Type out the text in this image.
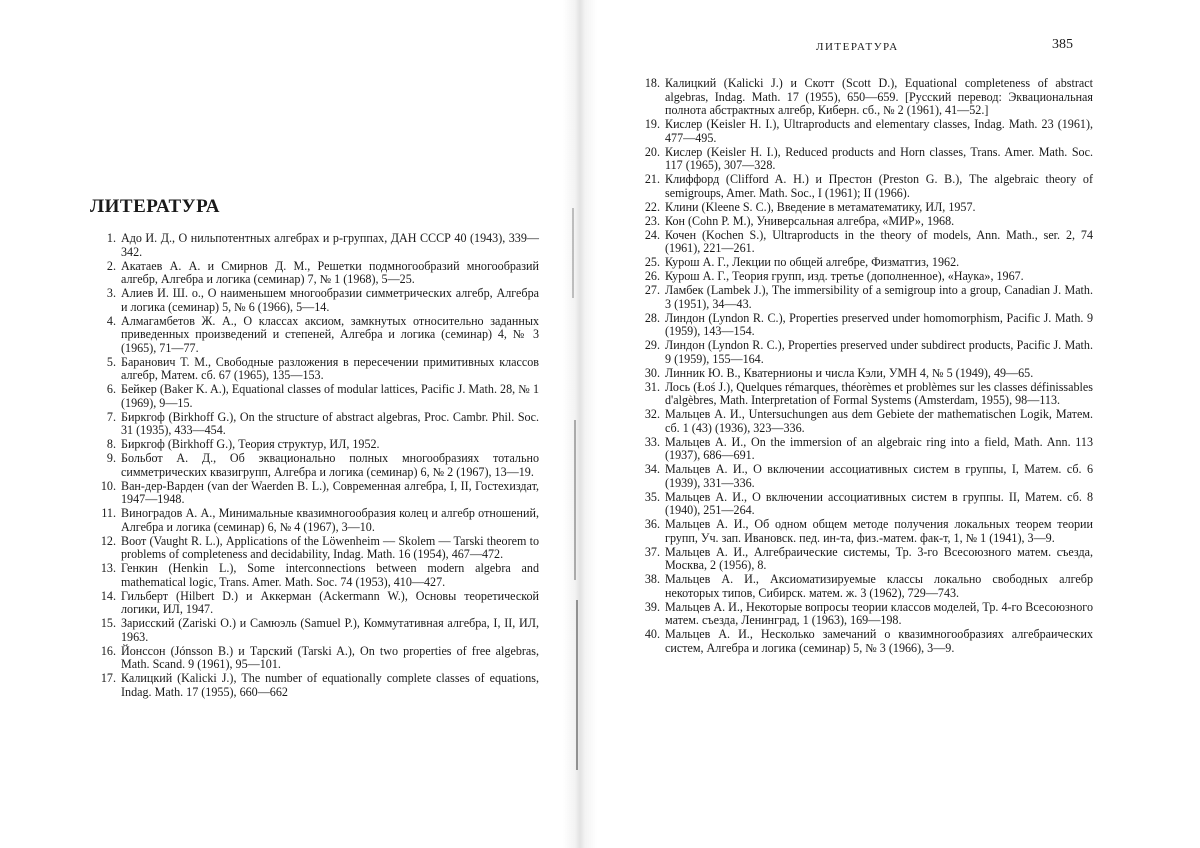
ЛИТЕРАТУРА
1. Адо И. Д., О нильпотентных алгебрах и p-группах, ДАН СССР 40 (1943), 339—342.
2. Акатаев А. А. и Смирнов Д. М., Решетки подмногообразий многообразий алгебр, Алгебра и логика (семинар) 7, № 1 (1968), 5—25.
3. Алиев И. Ш. о., О наименьшем многообразии симметрических алгебр, Алгебра и логика (семинар) 5, № 6 (1966), 5—14.
4. Алмагамбетов Ж. А., О классах аксиом, замкнутых относительно заданных приведенных произведений и степеней, Алгебра и логика (семинар) 4, № 3 (1965), 71—77.
5. Баранович Т. М., Свободные разложения в пересечении примитивных классов алгебр, Матем. сб. 67 (1965), 135—153.
6. Бейкер (Baker K. A.), Equational classes of modular lattices, Pacific J. Math. 28, № 1 (1969), 9—15.
7. Биркгоф (Birkhoff G.), On the structure of abstract algebras, Proc. Cambr. Phil. Soc. 31 (1935), 433—454.
8. Биркгоф (Birkhoff G.), Теория структур, ИЛ, 1952.
9. Больбот А. Д., Об эквационально полных многообразиях тотально симметрических квазигрупп, Алгебра и логика (семинар) 6, № 2 (1967), 13—19.
10. Ван-дер-Варден (van der Waerden B. L.), Современная алгебра, I, II, Гостехиздат, 1947—1948.
11. Виноградов А. А., Минимальные квазимногообразия колец и алгебр отношений, Алгебра и логика (семинар) 6, № 4 (1967), 3—10.
12. Воот (Vaught R. L.), Applications of the Löwenheim — Skolem — Tarski theorem to problems of completeness and decidability, Indag. Math. 16 (1954), 467—472.
13. Генкин (Henkin L.), Some interconnections between modern algebra and mathematical logic, Trans. Amer. Math. Soc. 74 (1953), 410—427.
14. Гильберт (Hilbert D.) и Аккерман (Ackermann W.), Основы теоретической логики, ИЛ, 1947.
15. Зарисский (Zariski O.) и Самюэль (Samuel P.), Коммутативная алгебра, I, II, ИЛ, 1963.
16. Йонссон (Jónsson B.) и Тарский (Tarski A.), On two properties of free algebras, Math. Scand. 9 (1961), 95—101.
17. Калицкий (Kalicki J.), The number of equationally complete classes of equations, Indag. Math. 17 (1955), 660—662
ЛИТЕРАТУРА	385
18. Калицкий (Kalicki J.) и Скотт (Scott D.), Equational completeness of abstract algebras, Indag. Math. 17 (1955), 650—659. [Русский перевод: Эквациональная полнота абстрактных алгебр, Киберн. сб., № 2 (1961), 41—52.]
19. Кислер (Keisler H. I.), Ultraproducts and elementary classes, Indag. Math. 23 (1961), 477—495.
20. Кислер (Keisler H. I.), Reduced products and Horn classes, Trans. Amer. Math. Soc. 117 (1965), 307—328.
21. Клиффорд (Clifford A. H.) и Престон (Preston G. B.), The algebraic theory of semigroups, Amer. Math. Soc., I (1961); II (1966).
22. Клини (Kleene S. C.), Введение в метаматематику, ИЛ, 1957.
23. Кон (Cohn P. M.), Универсальная алгебра, «МИР», 1968.
24. Кочен (Kochen S.), Ultraproducts in the theory of models, Ann. Math., ser. 2, 74 (1961), 221—261.
25. Курош А. Г., Лекции по общей алгебре, Физматгиз, 1962.
26. Курош А. Г., Теория групп, изд. третье (дополненное), «Наука», 1967.
27. Ламбек (Lambek J.), The immersibility of a semigroup into a group, Canadian J. Math. 3 (1951), 34—43.
28. Линдон (Lyndon R. C.), Properties preserved under homomorphism, Pacific J. Math. 9 (1959), 143—154.
29. Линдон (Lyndon R. C.), Properties preserved under subdirect products, Pacific J. Math. 9 (1959), 155—164.
30. Линник Ю. В., Кватернионы и числа Кэли, УМН 4, № 5 (1949), 49—65.
31. Лось (Łoś J.), Quelques rémarques, théorèmes et problèmes sur les classes définissables d'algèbres, Math. Interpretation of Formal Systems (Amsterdam, 1955), 98—113.
32. Мальцев А. И., Untersuchungen aus dem Gebiete der mathematischen Logik, Матем. сб. 1 (43) (1936), 323—336.
33. Мальцев А. И., On the immersion of an algebraic ring into a field, Math. Ann. 113 (1937), 686—691.
34. Мальцев А. И., О включении ассоциативных систем в группы, I, Матем. сб. 6 (1939), 331—336.
35. Мальцев А. И., О включении ассоциативных систем в группы. II, Матем. сб. 8 (1940), 251—264.
36. Мальцев А. И., Об одном общем методе получения локальных теорем теории групп, Уч. зап. Ивановск. пед. ин-та, физ.-матем. фак-т, 1, № 1 (1941), 3—9.
37. Мальцев А. И., Алгебраические системы, Тр. 3-го Всесоюзного матем. съезда, Москва, 2 (1956), 8.
38. Мальцев А. И., Аксиоматизируемые классы локально свободных алгебр некоторых типов, Сибирск. матем. ж. 3 (1962), 729—743.
39. Мальцев А. И., Некоторые вопросы теории классов моделей, Тр. 4-го Всесоюзного матем. съезда, Ленинград, 1 (1963), 169—198.
40. Мальцев А. И., Несколько замечаний о квазимногообразиях алгебраических систем, Алгебра и логика (семинар) 5, № 3 (1966), 3—9.
